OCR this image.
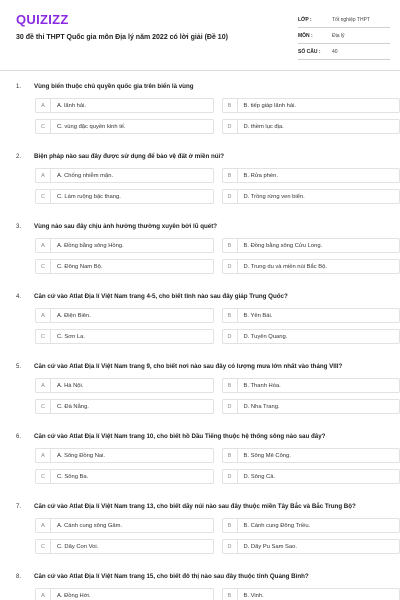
QUIZIZZ
30 đề thi THPT Quốc gia môn Địa lý năm 2022 có lời giải (Đề 10)
LỚP :	Tốt nghiệp THPT
MÔN :	Địa lý
SỐ CÂU :	40
1.	Vùng biển thuộc chủ quyền quốc gia trên biển là vùng
A	A. lãnh hải.	B	B. tiếp giáp lãnh hải.
C	C. vùng đặc quyền kinh tế.	D	D. thềm lục địa.
2.	Biện pháp nào sau đây được sử dụng để bảo vệ đất ở miền núi?
A	A. Chống nhiễm mặn.	B	B. Rửa phèn.
C	C. Làm ruộng bậc thang.	D	D. Trồng rừng ven biển.
3.	Vùng nào sau đây chịu ảnh hưởng thường xuyên bởi lũ quét?
A	A. Đồng bằng sông Hồng.	B	B. Đồng bằng sông Cửu Long.
C	C. Đông Nam Bộ.	D	D. Trung du và miền núi Bắc Bộ.
4.	Căn cứ vào Atlat Địa lí Việt Nam trang 4-5, cho biết tỉnh nào sau đây giáp Trung Quốc?
A	A. Điện Biên.	B	B. Yên Bái.
C	C. Sơn La.	D	D. Tuyên Quang.
5.	Căn cứ vào Atlat Địa lí Việt Nam trang 9, cho biết nơi nào sau đây có lượng mưa lớn nhất vào tháng VIII?
A	A. Hà Nội.	B	B. Thanh Hóa.
C	C. Đà Nẵng.	D	D. Nha Trang.
6.	Căn cứ vào Atlat Địa lí Việt Nam trang 10, cho biết hồ Dầu Tiếng thuộc hệ thống sông nào sau đây?
A	A. Sông Đồng Nai.	B	B. Sông Mê Công.
C	C. Sông Ba.	D	D. Sông Cả.
7.	Căn cứ vào Atlat Địa lí Việt Nam trang 13, cho biết dãy núi nào sau đây thuộc miền Tây Bắc và Bắc Trung Bộ?
A	A. Cánh cung sông Gâm.	B	B. Cánh cung Đông Triều.
C	C. Dãy Con Voi.	D	D. Dãy Pu Sam Sao.
8.	Căn cứ vào Atlat Địa lí Việt Nam trang 15, cho biết đô thị nào sau đây thuộc tỉnh Quảng Bình?
A	A. Đồng Hới.	B	B. Vinh.
